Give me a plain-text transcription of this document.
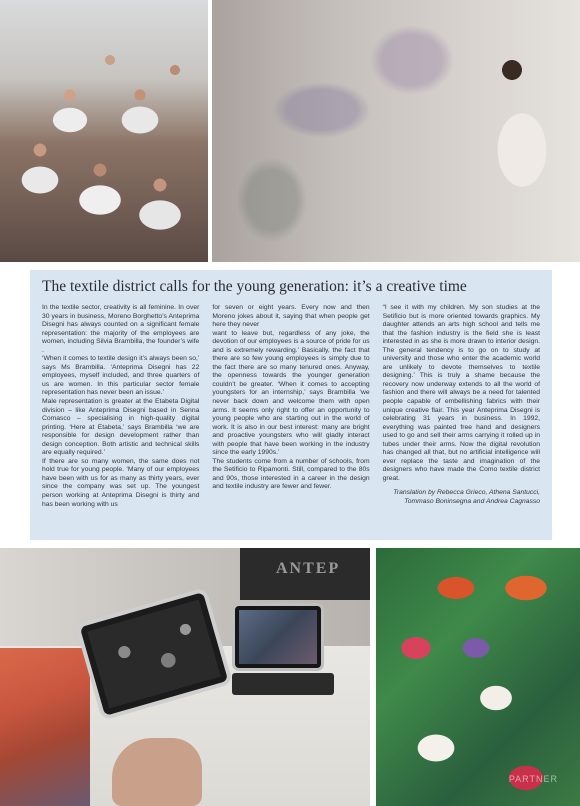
The textile district calls for the young generation: it’s a creative time

In the textile sector, creativity is all feminine. In over 30 years in business, Moreno Borghetto’s Anteprima Disegni has always counted on a significant female representation: the majority of the employees are women, including Silvia Brambilla, the founder’s wife .

‘When it comes to textile design it’s always been so,’ says Ms Brambilla. ‘Anteprima Disegni has 22 employees, myself included, and three quarters of us are women. In this particular sector female representation has never been an issue.’

Male representation is greater at the Etabeta Digital division – like Anteprima Disegni based in Senna Comasco – specialising in high-quality digital printing. ‘Here at Etabeta,’ says Brambilla ‘we are responsible for design development rather than design conception. Both artistic and technical skills are equally required.’

If there are so many women, the same does not hold true for young people. ‘Many of our employees have been with us for as many as thirty years, ever since the company was set up. The youngest person working at Anteprima Disegni is thirty and has been working with us

for seven or eight years. Every now and then Moreno jokes about it, saying that when people get here they never

want to leave but, regardless of any joke, the devotion of our employees is a source of pride for us and is extremely rewarding.’ Basically, the fact that there are so few young employees is simply due to the fact there are so many tenured ones. Anyway, the openness towards the younger generation couldn’t be greater. ‘When it comes to accepting youngsters for an internship,’ says Brambilla ‘we never back down and welcome them with open arms. It seems only right to offer an opportunity to young people who are starting out in the world of work. It is also in our best interest: many are bright and proactive youngsters who will gladly interact with people that have been working in the industry since the early 1990s.’

The students come from a number of schools, from the Setificio to Ripamonti. Still, compared to the 80s and 90s, those interested in a career in the design and textile industry are fewer and fewer.

“I see it with my children. My son studies at the Setificio but is more oriented towards graphics. My daughter attends an arts high school and tells me that the fashion industry is the field she is least interested in as she is more drawn to interior design. The general tendency is to go on to study at university and those who enter the academic world are unlikely to devote themselves to textile designing.’ This is truly a shame because the recovery now underway extends to all the world of fashion and there will always be a need for talented people capable of embellishing fabrics with their unique creative flair. This year Anteprima Disegni is celebrating 31 years in business. In 1992, everything was painted free hand and designers used to go and sell their arms carrying it rolled up in tubes under their arms. Now the digital revolution has changed all that, but no artificial intelligence will ever replace the taste and imagination of the designers who have made the Como textile district great.

Translation by Rebecca Grieco, Athena Santucci, Tommaso Boninsegna and Andrea Cagnasso

ANTEP
PARTNER
